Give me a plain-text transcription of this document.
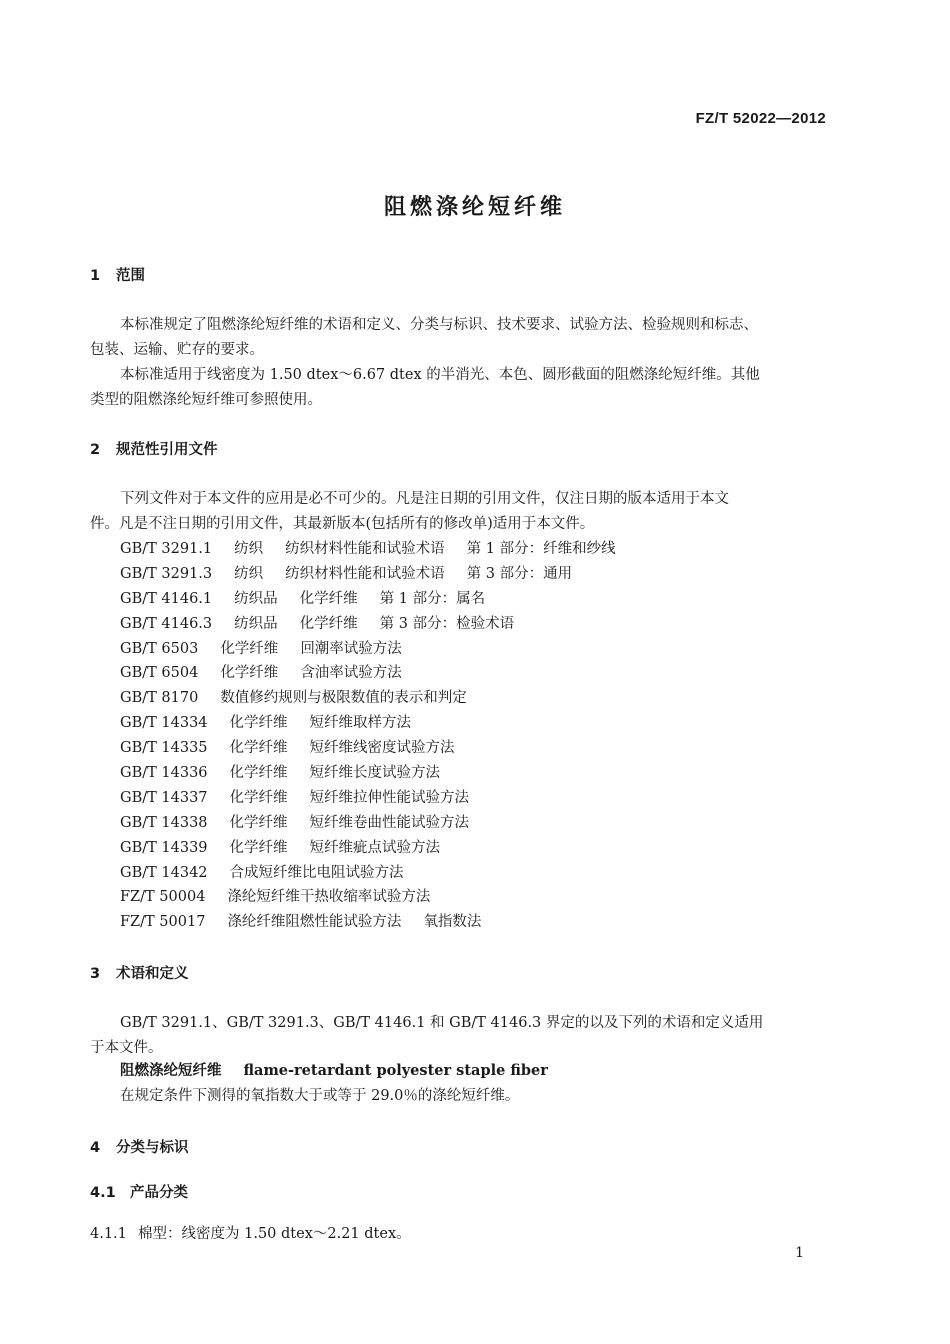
FZ/T 52022—2012
阻燃涤纶短纤维
1 范围
本标准规定了阻燃涤纶短纤维的术语和定义、分类与标识、技术要求、试验方法、检验规则和标志、
包装、运输、贮存的要求。
本标准适用于线密度为 1.50 dtex～6.67 dtex 的半消光、本色、圆形截面的阻燃涤纶短纤维。其他
类型的阻燃涤纶短纤维可参照使用。
2 规范性引用文件
下列文件对于本文件的应用是必不可少的。凡是注日期的引用文件，仅注日期的版本适用于本文
件。凡是不注日期的引用文件，其最新版本(包括所有的修改单)适用于本文件。
GB/T 3291.1 纺织 纺织材料性能和试验术语 第 1 部分：纤维和纱线
GB/T 3291.3 纺织 纺织材料性能和试验术语 第 3 部分：通用
GB/T 4146.1 纺织品 化学纤维 第 1 部分：属名
GB/T 4146.3 纺织品 化学纤维 第 3 部分：检验术语
GB/T 6503 化学纤维 回潮率试验方法
GB/T 6504 化学纤维 含油率试验方法
GB/T 8170 数值修约规则与极限数值的表示和判定
GB/T 14334 化学纤维 短纤维取样方法
GB/T 14335 化学纤维 短纤维线密度试验方法
GB/T 14336 化学纤维 短纤维长度试验方法
GB/T 14337 化学纤维 短纤维拉伸性能试验方法
GB/T 14338 化学纤维 短纤维卷曲性能试验方法
GB/T 14339 化学纤维 短纤维疵点试验方法
GB/T 14342 合成短纤维比电阻试验方法
FZ/T 50004 涤纶短纤维干热收缩率试验方法
FZ/T 50017 涤纶纤维阻燃性能试验方法 氧指数法
3 术语和定义
GB/T 3291.1、GB/T 3291.3、GB/T 4146.1 和 GB/T 4146.3 界定的以及下列的术语和定义适用
于本文件。
阻燃涤纶短纤维 flame-retardant polyester staple fiber
在规定条件下测得的氧指数大于或等于 29.0％的涤纶短纤维。
4 分类与标识
4.1 产品分类
4.1.1 棉型：线密度为 1.50 dtex～2.21 dtex。
1
